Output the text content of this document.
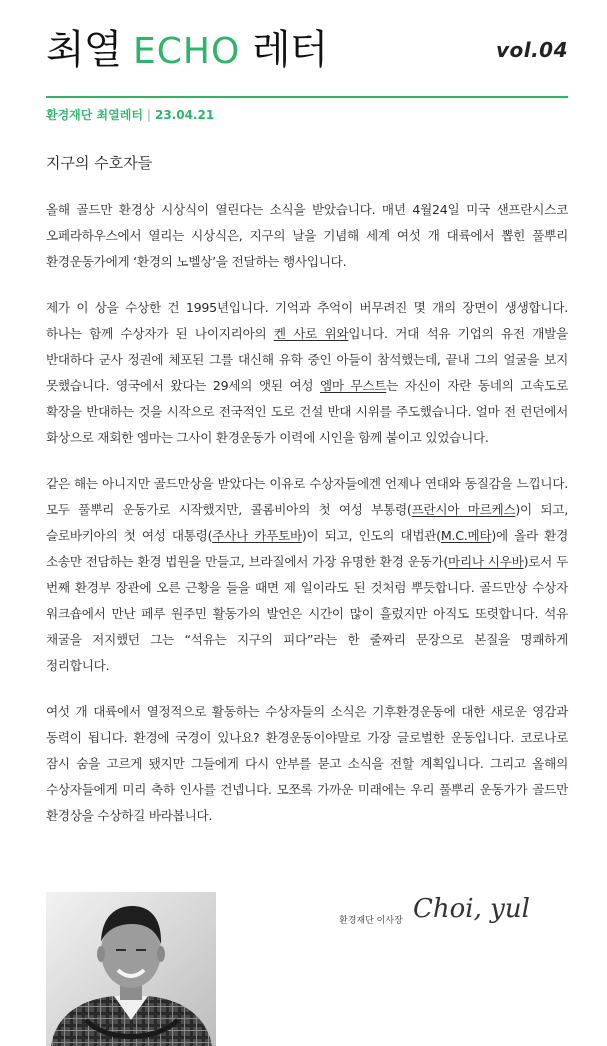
최열 ECHO 레터	vol.04
환경재단 최열레터 | 23.04.21
지구의 수호자들

올해 골드만 환경상 시상식이 열린다는 소식을 받았습니다. 매년 4월24일 미국 샌프란시스코 오페라하우스에서 열리는 시상식은, 지구의 날을 기념해 세계 여섯 개 대륙에서 뽑힌 풀뿌리 환경운동가에게 ‘환경의 노벨상’을 전달하는 행사입니다.

제가 이 상을 수상한 건 1995년입니다. 기억과 추억이 버무려진 몇 개의 장면이 생생합니다. 하나는 함께 수상자가 된 나이지리아의 켄 사로 위와입니다. 거대 석유 기업의 유전 개발을 반대하다 군사 정권에 체포된 그를 대신해 유학 중인 아들이 참석했는데, 끝내 그의 얼굴을 보지 못했습니다. 영국에서 왔다는 29세의 앳된 여성 엠마 무스트는 자신이 자란 동네의 고속도로 확장을 반대하는 것을 시작으로 전국적인 도로 건설 반대 시위를 주도했습니다. 얼마 전 런던에서 화상으로 재회한 엠마는 그사이 환경운동가 이력에 시인을 함께 붙이고 있었습니다.

같은 해는 아니지만 골드만상을 받았다는 이유로 수상자들에겐 언제나 연대와 동질감을 느낍니다. 모두 풀뿌리 운동가로 시작했지만, 콜롬비아의 첫 여성 부통령(프란시아 마르케스)이 되고, 슬로바키아의 첫 여성 대통령(주사나 카푸토바)이 되고, 인도의 대법관(M.C.메타)에 올라 환경 소송만 전담하는 환경 법원을 만들고, 브라질에서 가장 유명한 환경 운동가(마리나 시우바)로서 두 번째 환경부 장관에 오른 근황을 들을 때면 제 일이라도 된 것처럼 뿌듯합니다. 골드만상 수상자 워크숍에서 만난 페루 원주민 활동가의 발언은 시간이 많이 흘렀지만 아직도 또렷합니다. 석유 채굴을 저지했던 그는 “석유는 지구의 피다”라는 한 줄짜리 문장으로 본질을 명쾌하게 정리합니다.

여섯 개 대륙에서 열정적으로 활동하는 수상자들의 소식은 기후환경운동에 대한 새로운 영감과 동력이 됩니다. 환경에 국경이 있나요? 환경운동이야말로 가장 글로벌한 운동입니다. 코로나로 잠시 숨을 고르게 됐지만 그들에게 다시 안부를 묻고 소식을 전할 계획입니다. 그리고 올해의 수상자들에게 미리 축하 인사를 건넵니다. 모쪼록 가까운 미래에는 우리 풀뿌리 운동가가 골드만 환경상을 수상하길 바라봅니다.

환경재단 이사장 Choi, yul
